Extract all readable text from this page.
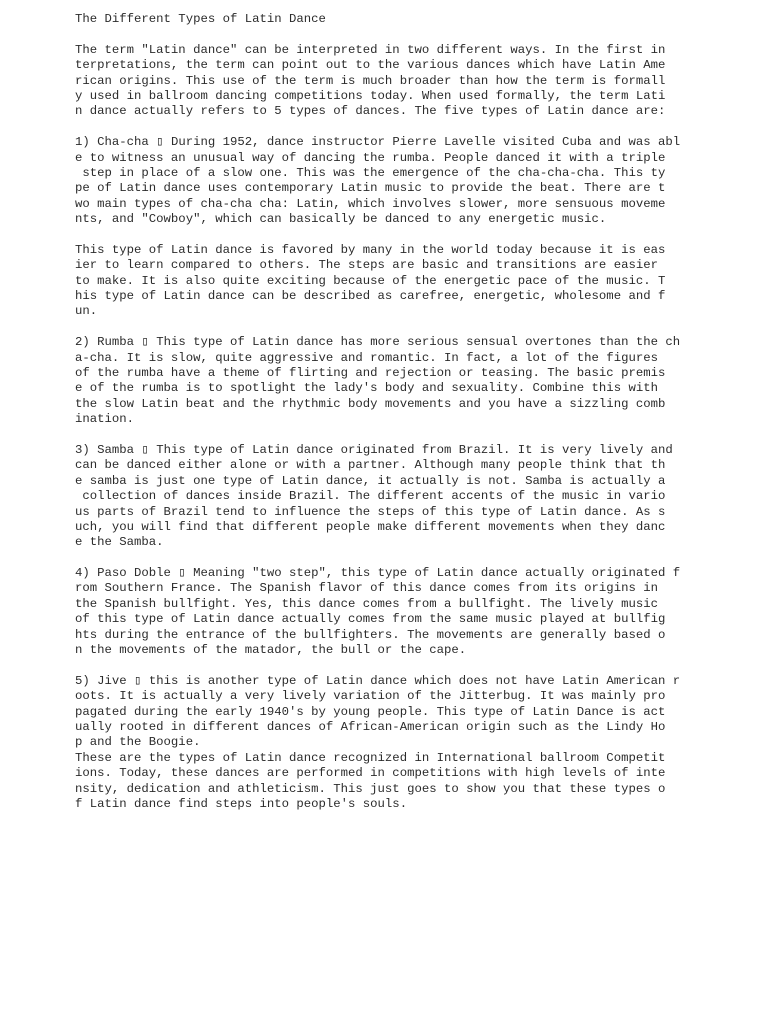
The Different Types of Latin Dance
The term "Latin dance" can be interpreted in two different ways. In the first in
terpretations, the term can point out to the various dances which have Latin Ame
rican origins. This use of the term is much broader than how the term is formall
y used in ballroom dancing competitions today. When used formally, the term Lati
n dance actually refers to 5 types of dances. The five types of Latin dance are:
1) Cha-cha ▯ During 1952, dance instructor Pierre Lavelle visited Cuba and was abl
e to witness an unusual way of dancing the rumba. People danced it with a triple
step in place of a slow one. This was the emergence of the cha-cha-cha. This ty
pe of Latin dance uses contemporary Latin music to provide the beat. There are t
wo main types of cha-cha cha: Latin, which involves slower, more sensuous moveme
nts, and "Cowboy", which can basically be danced to any energetic music.
This type of Latin dance is favored by many in the world today because it is eas
ier to learn compared to others. The steps are basic and transitions are easier
to make. It is also quite exciting because of the energetic pace of the music. T
his type of Latin dance can be described as carefree, energetic, wholesome and f
un.
2) Rumba ▯ This type of Latin dance has more serious sensual overtones than the ch
a-cha. It is slow, quite aggressive and romantic. In fact, a lot of the figures
of the rumba have a theme of flirting and rejection or teasing. The basic premis
e of the rumba is to spotlight the lady's body and sexuality. Combine this with
the slow Latin beat and the rhythmic body movements and you have a sizzling comb
ination.
3) Samba ▯ This type of Latin dance originated from Brazil. It is very lively and
can be danced either alone or with a partner. Although many people think that th
e samba is just one type of Latin dance, it actually is not. Samba is actually a
collection of dances inside Brazil. The different accents of the music in vario
us parts of Brazil tend to influence the steps of this type of Latin dance. As s
uch, you will find that different people make different movements when they danc
e the Samba.
4) Paso Doble ▯ Meaning "two step", this type of Latin dance actually originated f
rom Southern France. The Spanish flavor of this dance comes from its origins in
the Spanish bullfight. Yes, this dance comes from a bullfight. The lively music
of this type of Latin dance actually comes from the same music played at bullfig
hts during the entrance of the bullfighters. The movements are generally based o
n the movements of the matador, the bull or the cape.
5) Jive ▯ this is another type of Latin dance which does not have Latin American r
oots. It is actually a very lively variation of the Jitterbug. It was mainly pro
pagated during the early 1940's by young people. This type of Latin Dance is act
ually rooted in different dances of African-American origin such as the Lindy Ho
p and the Boogie.
These are the types of Latin dance recognized in International ballroom Competit
ions. Today, these dances are performed in competitions with high levels of inte
nsity, dedication and athleticism. This just goes to show you that these types o
f Latin dance find steps into people's souls.
